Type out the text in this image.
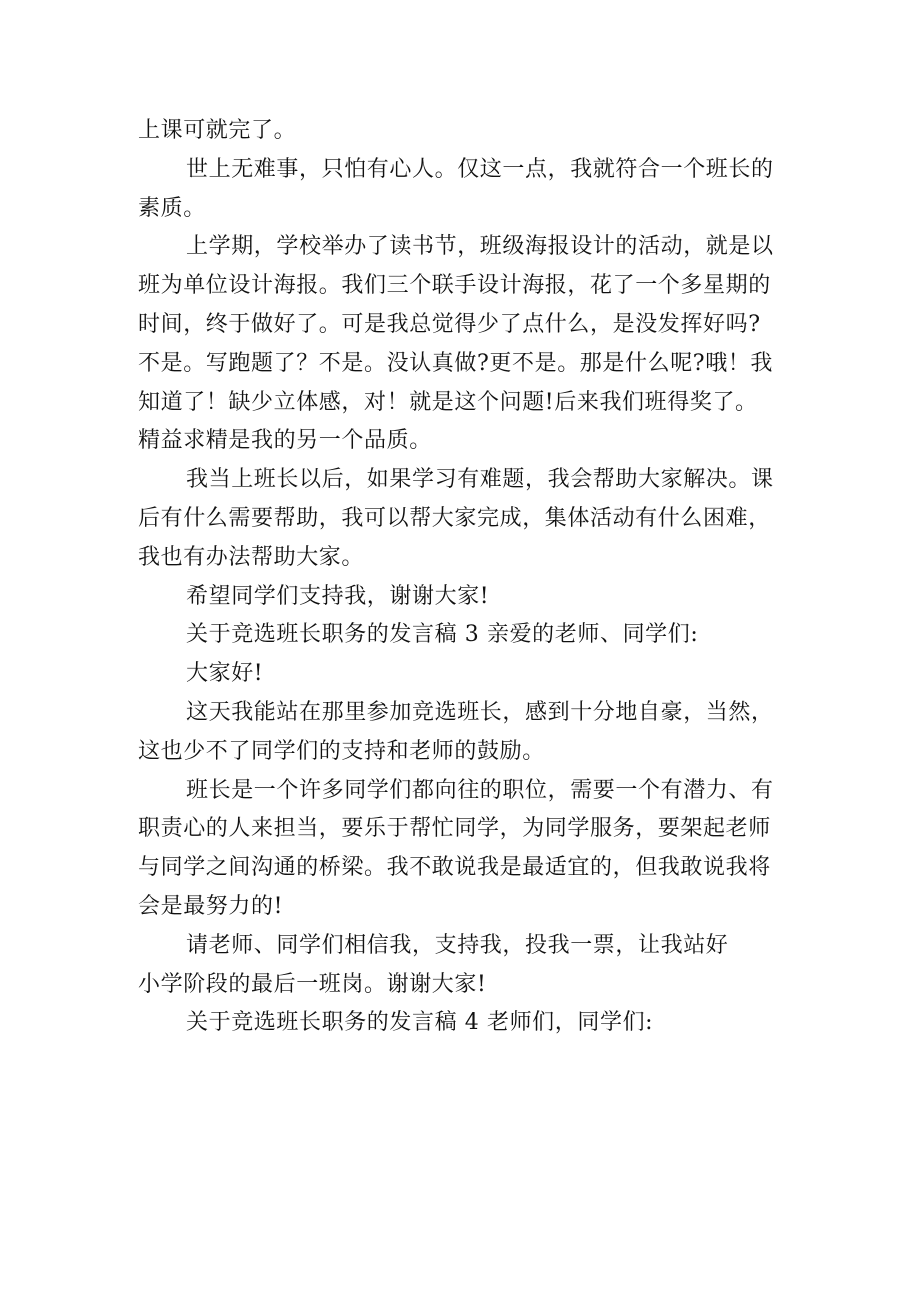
上课可就完了。
世上无难事，只怕有心人。仅这一点，我就符合一个班长的
素质。
上学期，学校举办了读书节，班级海报设计的活动，就是以
班为单位设计海报。我们三个联手设计海报，花了一个多星期的
时间，终于做好了。可是我总觉得少了点什么，是没发挥好吗?
不是。写跑题了？不是。没认真做?更不是。那是什么呢?哦！我
知道了！缺少立体感，对！就是这个问题!后来我们班得奖了。
精益求精是我的另一个品质。
我当上班长以后，如果学习有难题，我会帮助大家解决。课
后有什么需要帮助，我可以帮大家完成，集体活动有什么困难，
我也有办法帮助大家。
希望同学们支持我，谢谢大家!
关于竞选班长职务的发言稿 3 亲爱的老师、同学们:
大家好!
这天我能站在那里参加竞选班长，感到十分地自豪，当然，
这也少不了同学们的支持和老师的鼓励。
班长是一个许多同学们都向往的职位，需要一个有潜力、有
职责心的人来担当，要乐于帮忙同学，为同学服务，要架起老师
与同学之间沟通的桥梁。我不敢说我是最适宜的，但我敢说我将
会是最努力的!
请老师、同学们相信我，支持我，投我一票，让我站好
小学阶段的最后一班岗。谢谢大家!
关于竞选班长职务的发言稿 4 老师们，同学们:
